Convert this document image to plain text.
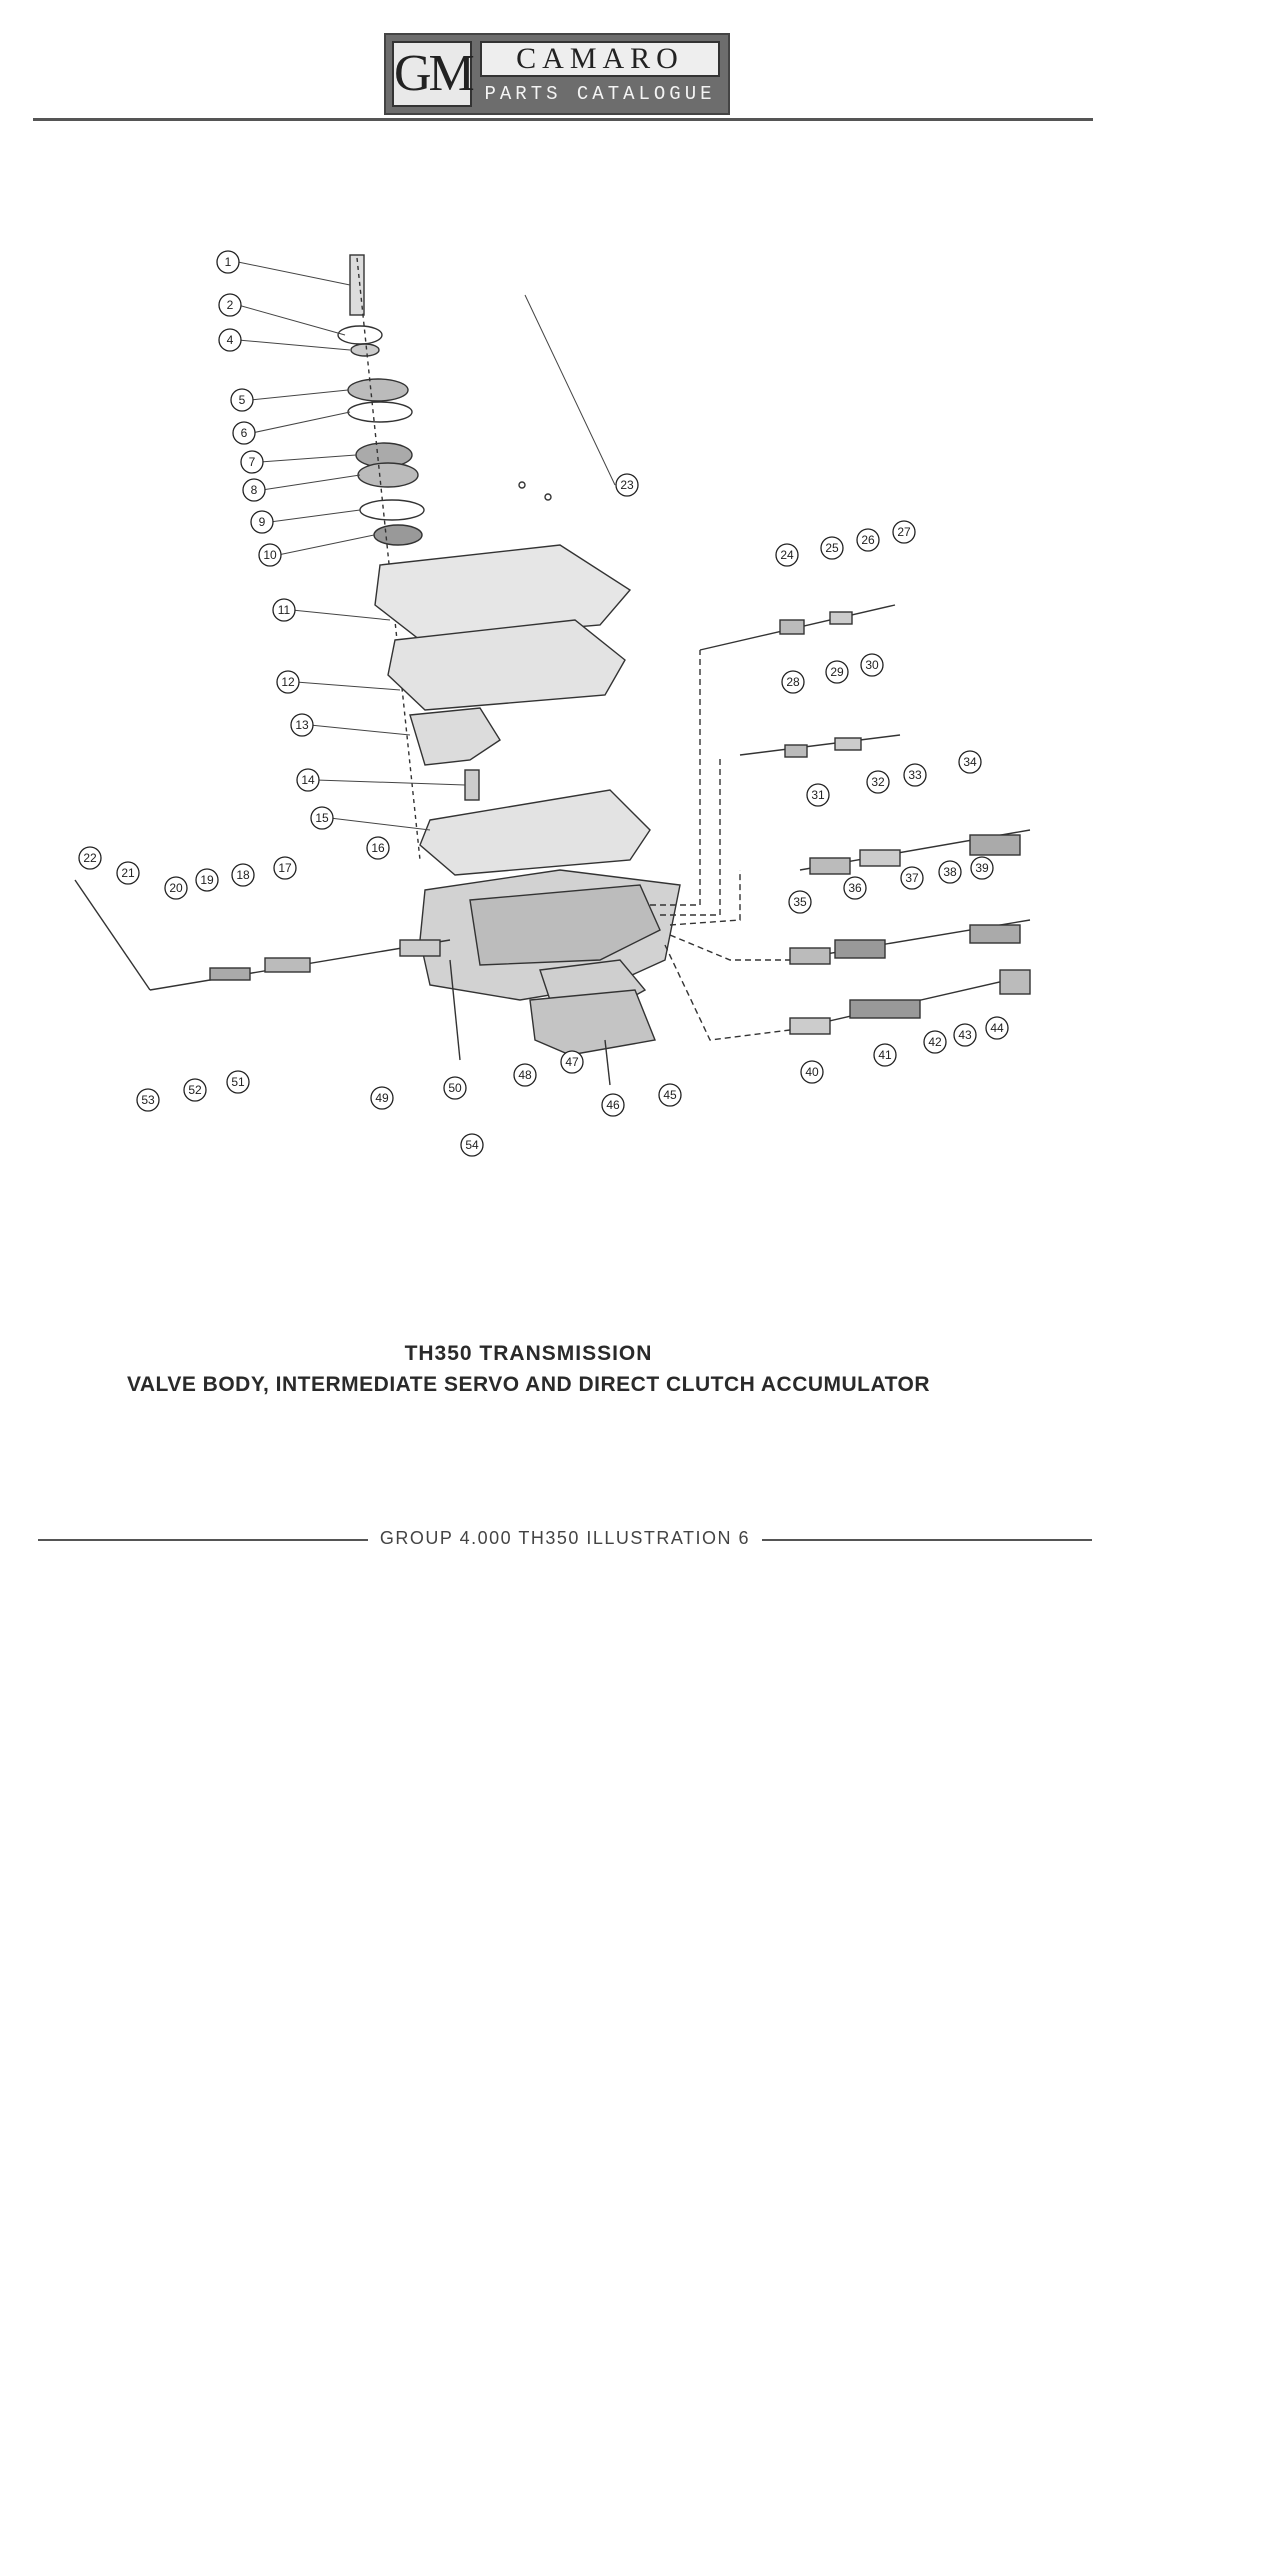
GM	CAMARO
PARTS CATALOGUE
1
2
4
5
6
7
8
9
10
11
12
13
14
15
16
17
18
19
20
21
22
23
24	25
26
27
28
29 30
31
32 33
34
35
36
37 38 39
40
41
42 43 44
45
46
47
48
49
50
51
52
53
54
TH350 TRANSMISSION
VALVE BODY, INTERMEDIATE SERVO AND DIRECT CLUTCH ACCUMULATOR
GROUP 4.000 TH350 ILLUSTRATION 6
